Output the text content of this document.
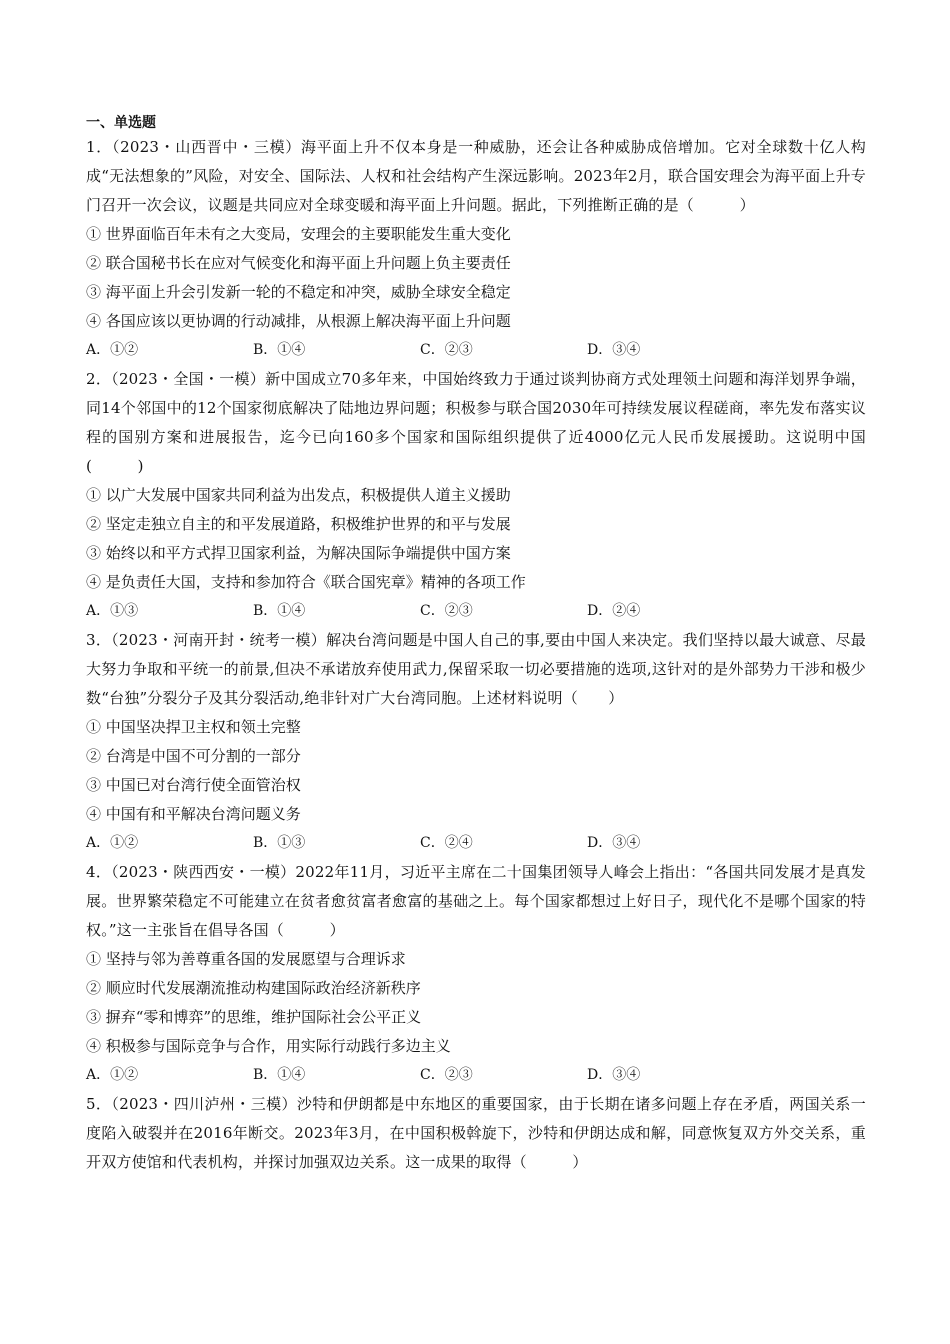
一、单选题

1．（2023・山西晋中・三模）海平面上升不仅本身是一种威胁，还会让各种威胁成倍增加。它对全球数十亿人构成“无法想象的”风险，对安全、国际法、人权和社会结构产生深远影响。2023年2月，联合国安理会为海平面上升专门召开一次会议，议题是共同应对全球变暖和海平面上升问题。据此，下列推断正确的是（　　　）

① 世界面临百年未有之大变局，安理会的主要职能发生重大变化

② 联合国秘书长在应对气候变化和海平面上升问题上负主要责任

③ 海平面上升会引发新一轮的不稳定和冲突，威胁全球安全稳定

④ 各国应该以更协调的行动减排，从根源上解决海平面上升问题

A．①②	B．①④	C．②③	D．③④

2．（2023・全国・一模）新中国成立70多年来，中国始终致力于通过谈判协商方式处理领土问题和海洋划界争端，同14个邻国中的12个国家彻底解决了陆地边界问题；积极参与联合国2030年可持续发展议程磋商，率先发布落实议程的国别方案和进展报告，迄今已向160多个国家和国际组织提供了近4000亿元人民币发展援助。这说明中国(　　　)

① 以广大发展中国家共同利益为出发点，积极提供人道主义援助

② 坚定走独立自主的和平发展道路，积极维护世界的和平与发展

③ 始终以和平方式捍卫国家利益，为解决国际争端提供中国方案

④ 是负责任大国，支持和参加符合《联合国宪章》精神的各项工作

A．①③	B．①④	C．②③	D．②④

3．（2023・河南开封・统考一模）解决台湾问题是中国人自己的事,要由中国人来决定。我们坚持以最大诚意、尽最大努力争取和平统一的前景,但决不承诺放弃使用武力,保留采取一切必要措施的选项,这针对的是外部势力干涉和极少数“台独”分裂分子及其分裂活动,绝非针对广大台湾同胞。上述材料说明（　　）

① 中国坚决捍卫主权和领土完整

② 台湾是中国不可分割的一部分

③ 中国已对台湾行使全面管治权

④ 中国有和平解决台湾问题义务

A．①②	B．①③	C．②④	D．③④

4．（2023・陕西西安・一模）2022年11月，习近平主席在二十国集团领导人峰会上指出：“各国共同发展才是真发展。世界繁荣稳定不可能建立在贫者愈贫富者愈富的基础之上。每个国家都想过上好日子，现代化不是哪个国家的特权。”这一主张旨在倡导各国（　　　）

① 坚持与邻为善尊重各国的发展愿望与合理诉求

② 顺应时代发展潮流推动构建国际政治经济新秩序

③ 摒弃“零和博弈”的思维，维护国际社会公平正义

④ 积极参与国际竞争与合作，用实际行动践行多边主义

A．①②	B．①④	C．②③	D．③④

5．（2023・四川泸州・三模）沙特和伊朗都是中东地区的重要国家，由于长期在诸多问题上存在矛盾，两国关系一度陷入破裂并在2016年断交。2023年3月，在中国积极斡旋下，沙特和伊朗达成和解，同意恢复双方外交关系，重开双方使馆和代表机构，并探讨加强双边关系。这一成果的取得（　　　）
